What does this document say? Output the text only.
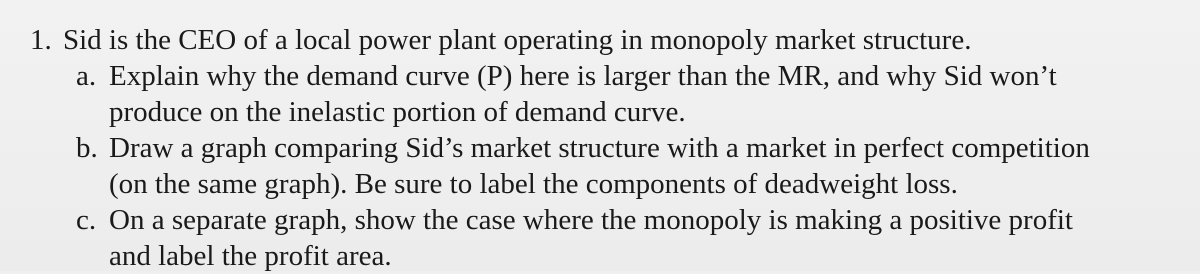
1. Sid is the CEO of a local power plant operating in monopoly market structure.
a. Explain why the demand curve (P) here is larger than the MR, and why Sid won’t
produce on the inelastic portion of demand curve.
b. Draw a graph comparing Sid’s market structure with a market in perfect competition
(on the same graph). Be sure to label the components of deadweight loss.
c. On a separate graph, show the case where the monopoly is making a positive profit
and label the profit area.
